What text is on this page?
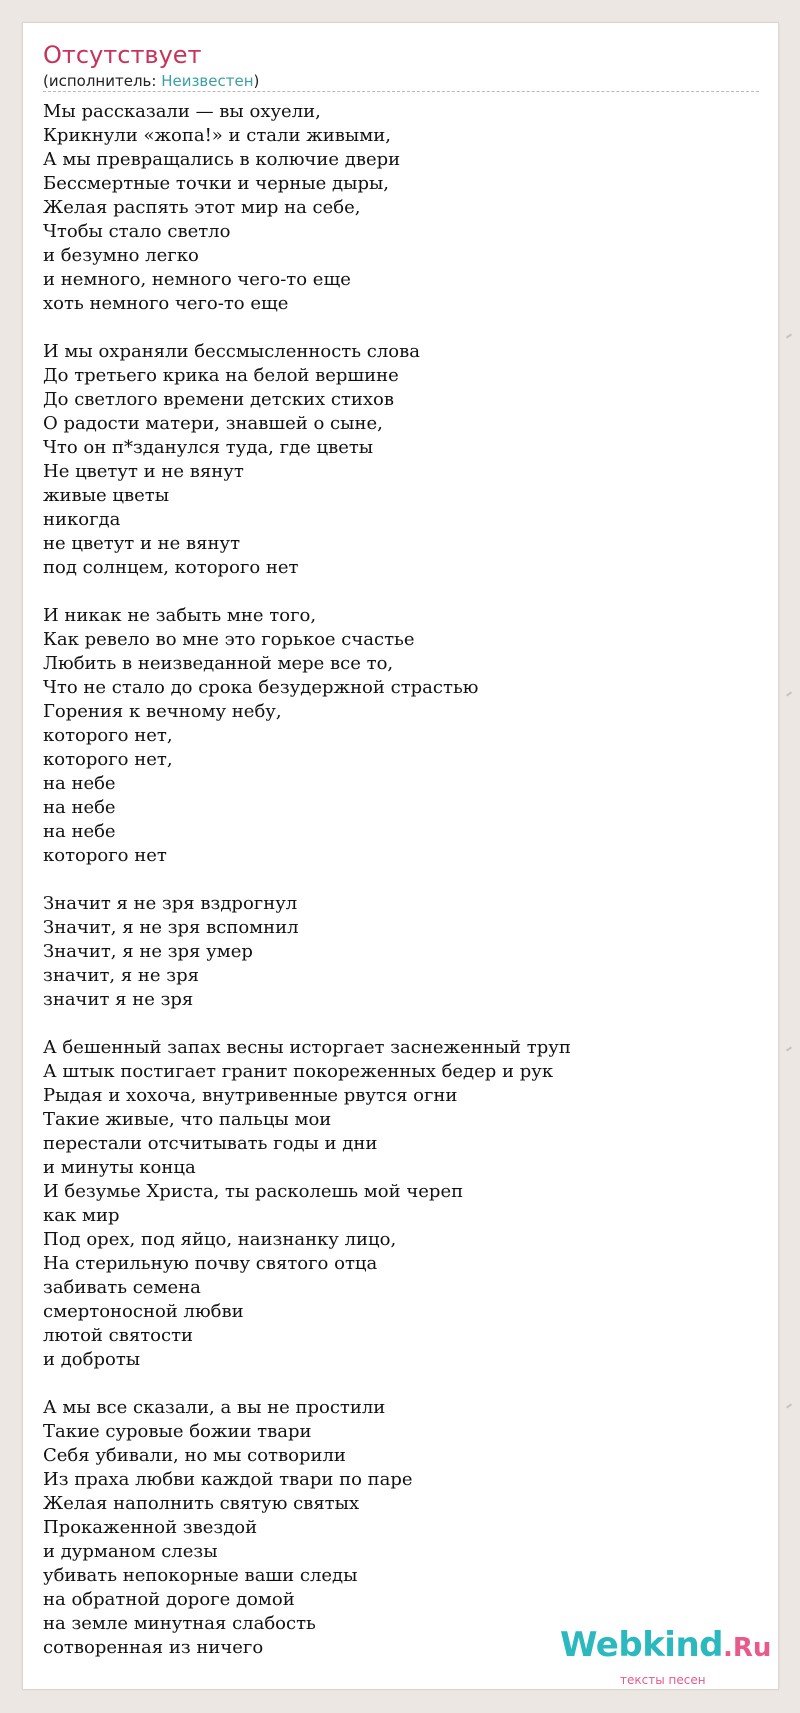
Отсутствует
(исполнитель: Неизвестен)
Мы рассказали — вы охуели,
Крикнули «жопа!» и стали живыми,
А мы превращались в колючие двери
Бессмертные точки и черные дыры,
Желая распять этот мир на себе,
Чтобы стало светло
и безумно легко
и немного, немного чего-то еще
хоть немного чего-то еще
И мы охраняли бессмысленность слова
До третьего крика на белой вершине
До светлого времени детских стихов
О радости матери, знавшей о сыне,
Что он п*зданулся туда, где цветы
Не цветут и не вянут
живые цветы
никогда
не цветут и не вянут
под солнцем, которого нет
И никак не забыть мне того,
Как ревело во мне это горькое счастье
Любить в неизведанной мере все то,
Что не стало до срока безудержной страстью
Горения к вечному небу,
которого нет,
которого нет,
на небе
на небе
на небе
которого нет
Значит я не зря вздрогнул
Значит, я не зря вспомнил
Значит, я не зря умер
значит, я не зря
значит я не зря
А бешенный запах весны исторгает заснеженный труп
А штык постигает гранит покореженных бедер и рук
Рыдая и хохоча, внутривенные рвутся огни
Такие живые, что пальцы мои
перестали отсчитывать годы и дни
и минуты конца
И безумье Христа, ты расколешь мой череп
как мир
Под орех, под яйцо, наизнанку лицо,
На стерильную почву святого отца
забивать семена
смертоносной любви
лютой святости
и доброты
А мы все сказали, а вы не простили
Такие суровые божии твари
Себя убивали, но мы сотворили
Из праха любви каждой твари по паре
Желая наполнить святую святых
Прокаженной звездой
и дурманом слезы
убивать непокорные ваши следы
на обратной дороге домой
на земле минутная слабость
сотворенная из ничего	Webkind.Ru
тексты песен
